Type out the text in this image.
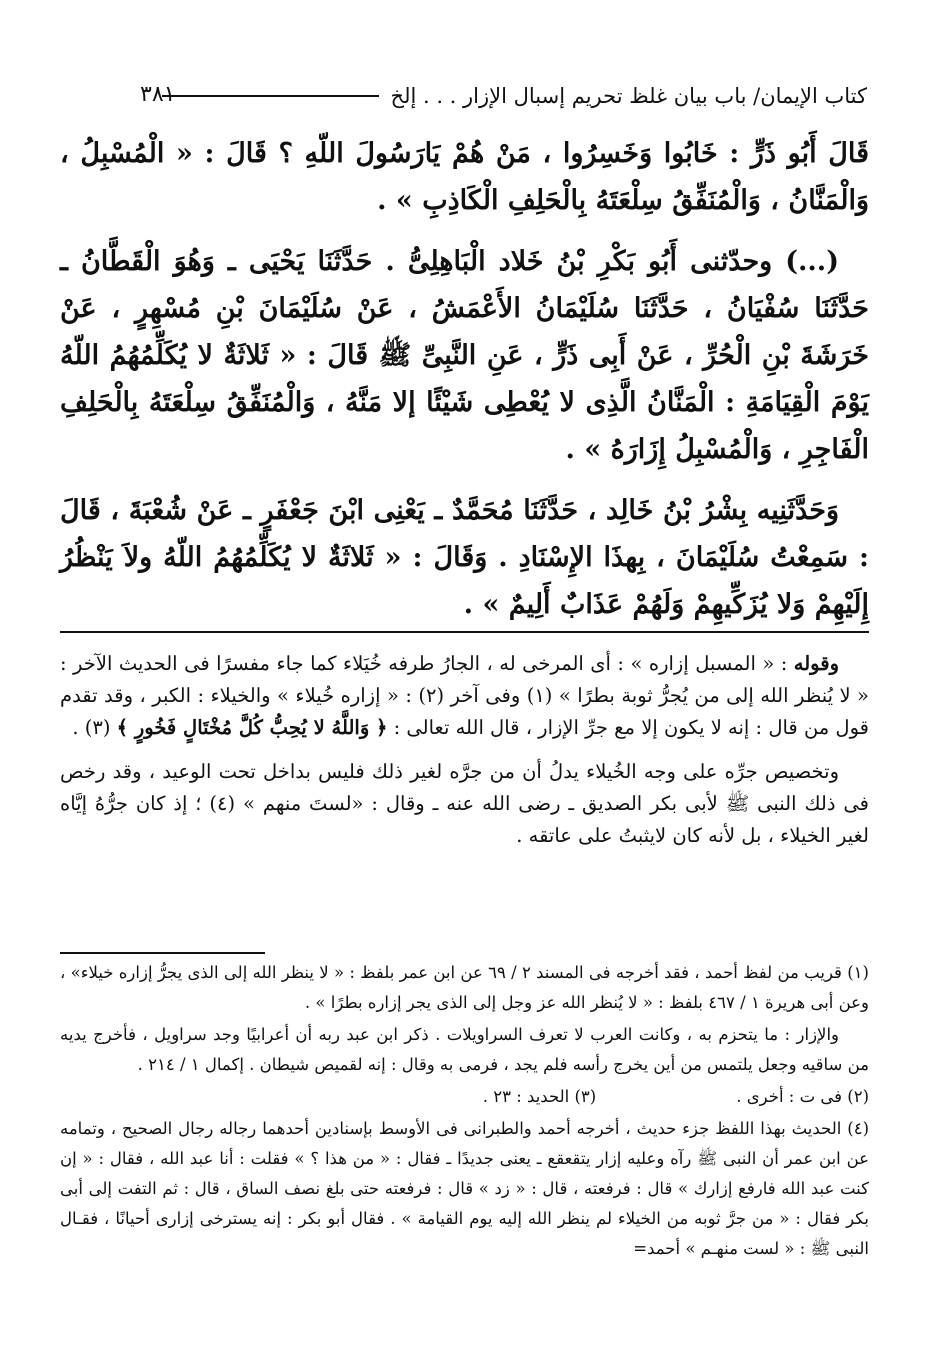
كتاب الإيمان/ باب بيان غلظ تحريم إسبال الإزار . . . إلخ
٣٨١

قَالَ أَبُو ذَرٍّ : خَابُوا وَخَسِرُوا ، مَنْ هُمْ يَارَسُولَ اللّهِ ؟ قَالَ : « الْمُسْبِلُ ، وَالْمَنَّانُ ، وَالْمُنَفِّقُ سِلْعَتَهُ بِالْحَلِفِ الْكَاذِبِ » .

(...) وحدّثنى أَبُو بَكْرِ بْنُ خَلاد الْبَاهِلِىُّ . حَدَّثَنَا يَحْيَى ـ وَهُوَ الْقَطَّانُ ـ حَدَّثَنَا سُفْيَانُ ، حَدَّثَنَا سُلَيْمَانُ الأَعْمَشُ ، عَنْ سُلَيْمَانَ بْنِ مُسْهِرٍ ، عَنْ خَرَشَةَ بْنِ الْحُرِّ ، عَنْ أَبِى ذَرٍّ ، عَنِ النَّبِىِّ ﷺ قَالَ : « ثَلاثَةٌ لا يُكَلِّمُهُمُ اللّهُ يَوْمَ الْقِيَامَةِ : الْمَنَّانُ الَّذِى لا يُعْطِى شَيْئًا إلا مَنَّهُ ، وَالْمُنَفِّقُ سِلْعَتَهُ بِالْحَلِفِ الْفَاجِرِ ، وَالْمُسْبِلُ إِزَارَهُ » .

وَحَدَّثَنِيه بِشْرُ بْنُ خَالِد ، حَدَّثَنَا مُحَمَّدٌ ـ يَعْنِى ابْنَ جَعْفَرٍ ـ عَنْ شُعْبَةَ ، قَالَ : سَمِعْتُ سُلَيْمَانَ ، بِهذَا الإِسْنَادِ . وَقَالَ : « ثَلاثَةٌ لا يُكَلِّمُهُمُ اللّهُ ولاَ يَنْظُرُ إِلَيْهِمْ وَلا يُزَكِّيهِمْ وَلَهُمْ عَذَابٌ أَلِيمٌ » .

وقوله : « المسبل إزاره » : أى المرخى له ، الجارُ طرفه خُيَلاء كما جاء مفسرًا فى الحديث الآخر : « لا يُنظر الله إلى من يُجرُّ ثوبة بطرًا » (١) وفى آخر (٢) : « إزاره خُيلاء » والخيلاء : الكبر ، وقد تقدم قول من قال : إنه لا يكون إلا مع جرِّ الإزار ، قال الله تعالى : ﴿ وَاللَّهُ لا يُحِبُّ كُلَّ مُخْتَالٍ فَخُورٍ ﴾ (٣) .

وتخصيص جرِّه على وجه الخُيلاء يدلُ أن من جرَّه لغير ذلك فليس بداخل تحت الوعيد ، وقد رخص فى ذلك النبى ﷺ لأبى بكر الصديق ـ رضى الله عنه ـ وقال : «لستَ منهم » (٤) ؛ إذ كان جرُّهُ إيَّاه لغير الخيلاء ، بل لأنه كان لايثبتُ على عاتقه .

(١) قريب من لفظ أحمد ، فقد أخرجه فى المسند ٢ / ٦٩ عن ابن عمر بلفظ : « لا ينظر الله إلى الذى يجرُّ إزاره خيلاء» ، وعن أبى هريرة ١ / ٤٦٧ بلفظ : « لا يُنظر الله عز وجل إلى الذى يجر إزاره بطرًا » .

والإزار : ما يتحزم به ، وكانت العرب لا تعرف السراويلات . ذكر ابن عبد ربه أن أعرابيًا وجد سراويل ، فأخرج يديه من ساقيه وجعل يلتمس من أين يخرج رأسه فلم يجد ، فرمى به وقال : إنه لقميص شيطان . إكمال ١ / ٢١٤ .

(٢) فى ت : أخرى .
(٣) الحديد : ٢٣ .

(٤) الحديث بهذا اللفظ جزء حديث ، أخرجه أحمد والطبرانى فى الأوسط بإسنادين أحدهما رجاله رجال الصحيح ، وتمامه عن ابن عمر أن النبى ﷺ رآه وعليه إزار يتقعقع ـ يعنى جديدًا ـ فقال : « من هذا ؟ » فقلت : أنا عبد الله ، فقال : « إن كنت عبد الله فارفع إزارك » قال : فرفعته ، قال : « زد » قال : فرفعته حتى بلغ نصف الساق ، قال : ثم التفت إلى أبى بكر فقال : « من جرَّ ثوبه من الخيلاء لم ينظر الله إليه يوم القيامة » . فقال أبو بكر : إنه يسترخى إزارى أحيانًا ، فقـال النبى ﷺ : « لست منهـم » أحمد=
